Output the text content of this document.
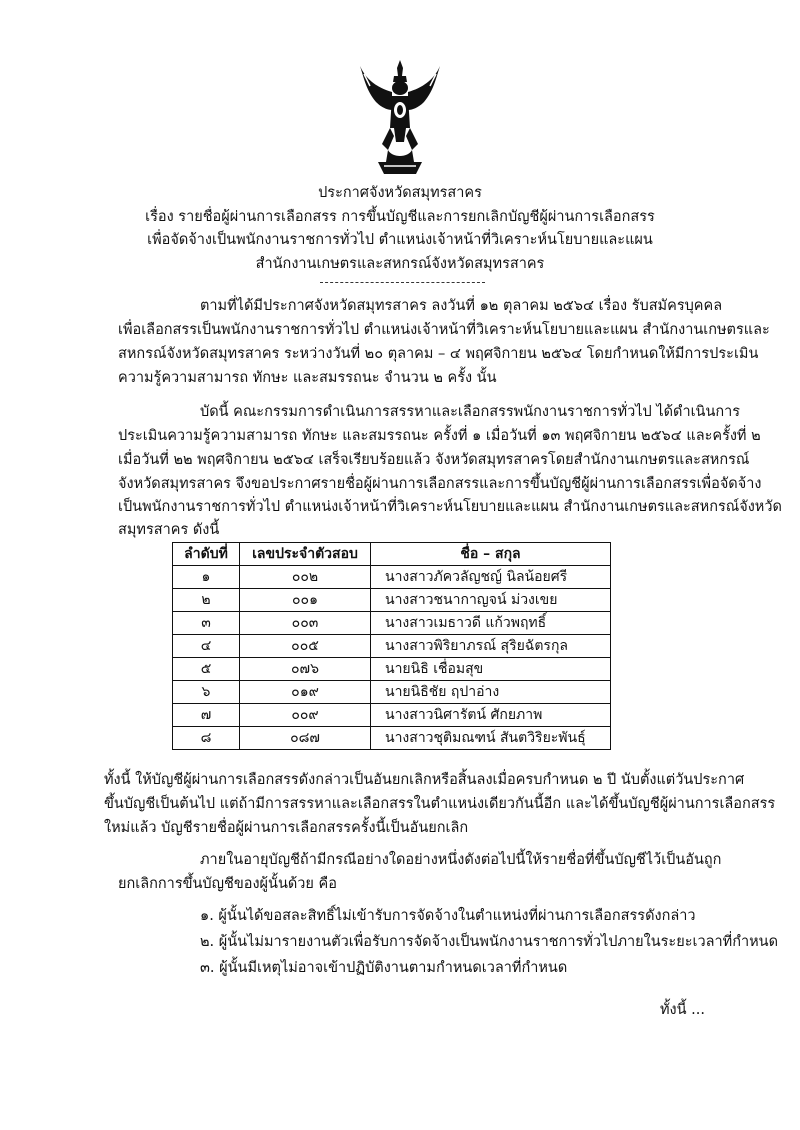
ประกาศจังหวัดสมุทรสาคร
เรื่อง รายชื่อผู้ผ่านการเลือกสรร การขึ้นบัญชีและการยกเลิกบัญชีผู้ผ่านการเลือกสรร
เพื่อจัดจ้างเป็นพนักงานราชการทั่วไป ตำแหน่งเจ้าหน้าที่วิเคราะห์นโยบายและแผน
สำนักงานเกษตรและสหกรณ์จังหวัดสมุทรสาคร
ตามที่ได้มีประกาศจังหวัดสมุทรสาคร ลงวันที่ ๑๒ ตุลาคม ๒๕๖๔ เรื่อง รับสมัครบุคคล
เพื่อเลือกสรรเป็นพนักงานราชการทั่วไป ตำแหน่งเจ้าหน้าที่วิเคราะห์นโยบายและแผน สำนักงานเกษตรและ
สหกรณ์จังหวัดสมุทรสาคร ระหว่างวันที่ ๒๐ ตุลาคม – ๔ พฤศจิกายน ๒๕๖๔ โดยกำหนดให้มีการประเมิน
ความรู้ความสามารถ ทักษะ และสมรรถนะ จำนวน ๒ ครั้ง นั้น
บัดนี้ คณะกรรมการดำเนินการสรรหาและเลือกสรรพนักงานราชการทั่วไป ได้ดำเนินการ
ประเมินความรู้ความสามารถ ทักษะ และสมรรถนะ ครั้งที่ ๑ เมื่อวันที่ ๑๓ พฤศจิกายน ๒๕๖๔ และครั้งที่ ๒
เมื่อวันที่ ๒๒ พฤศจิกายน ๒๕๖๔ เสร็จเรียบร้อยแล้ว จังหวัดสมุทรสาครโดยสำนักงานเกษตรและสหกรณ์
จังหวัดสมุทรสาคร จึงขอประกาศรายชื่อผู้ผ่านการเลือกสรรและการขึ้นบัญชีผู้ผ่านการเลือกสรรเพื่อจัดจ้าง
เป็นพนักงานราชการทั่วไป ตำแหน่งเจ้าหน้าที่วิเคราะห์นโยบายและแผน สำนักงานเกษตรและสหกรณ์จังหวัด
สมุทรสาคร ดังนี้
ลำดับที่	เลขประจำตัวสอบ	ชื่อ – สกุล
๑	๐๐๒	นางสาวภัควลัญชญ์ นิลน้อยศรี
๒	๐๐๑	นางสาวชนากาญจน์ ม่วงเขย
๓	๐๐๓	นางสาวเมธาวดี แก้วพฤทธิ์
๔	๐๐๕	นางสาวพิริยาภรณ์ สุริยฉัตรกุล
๕	๐๗๖	นายนิธิ เชื่อมสุข
๖	๐๑๙	นายนิธิชัย ฤปาอ่าง
๗	๐๐๙	นางสาวนิศารัตน์ ศักยภาพ
๘	๐๘๗	นางสาวชุติมณฑน์ สันตวิริยะพันธุ์
ทั้งนี้ ให้บัญชีผู้ผ่านการเลือกสรรดังกล่าวเป็นอันยกเลิกหรือสิ้นลงเมื่อครบกำหนด ๒ ปี นับตั้งแต่วันประกาศ
ขึ้นบัญชีเป็นต้นไป แต่ถ้ามีการสรรหาและเลือกสรรในตำแหน่งเดียวกันนี้อีก และได้ขึ้นบัญชีผู้ผ่านการเลือกสรร
ใหม่แล้ว บัญชีรายชื่อผู้ผ่านการเลือกสรรครั้งนี้เป็นอันยกเลิก
ภายในอายุบัญชีถ้ามีกรณีอย่างใดอย่างหนึ่งดังต่อไปนี้ให้รายชื่อที่ขึ้นบัญชีไว้เป็นอันถูก
ยกเลิกการขึ้นบัญชีของผู้นั้นด้วย คือ
๑. ผู้นั้นได้ขอสละสิทธิ์ไม่เข้ารับการจัดจ้างในตำแหน่งที่ผ่านการเลือกสรรดังกล่าว
๒. ผู้นั้นไม่มารายงานตัวเพื่อรับการจัดจ้างเป็นพนักงานราชการทั่วไปภายในระยะเวลาที่กำหนด
๓. ผู้นั้นมีเหตุไม่อาจเข้าปฏิบัติงานตามกำหนดเวลาที่กำหนด
ทั้งนี้ ...
